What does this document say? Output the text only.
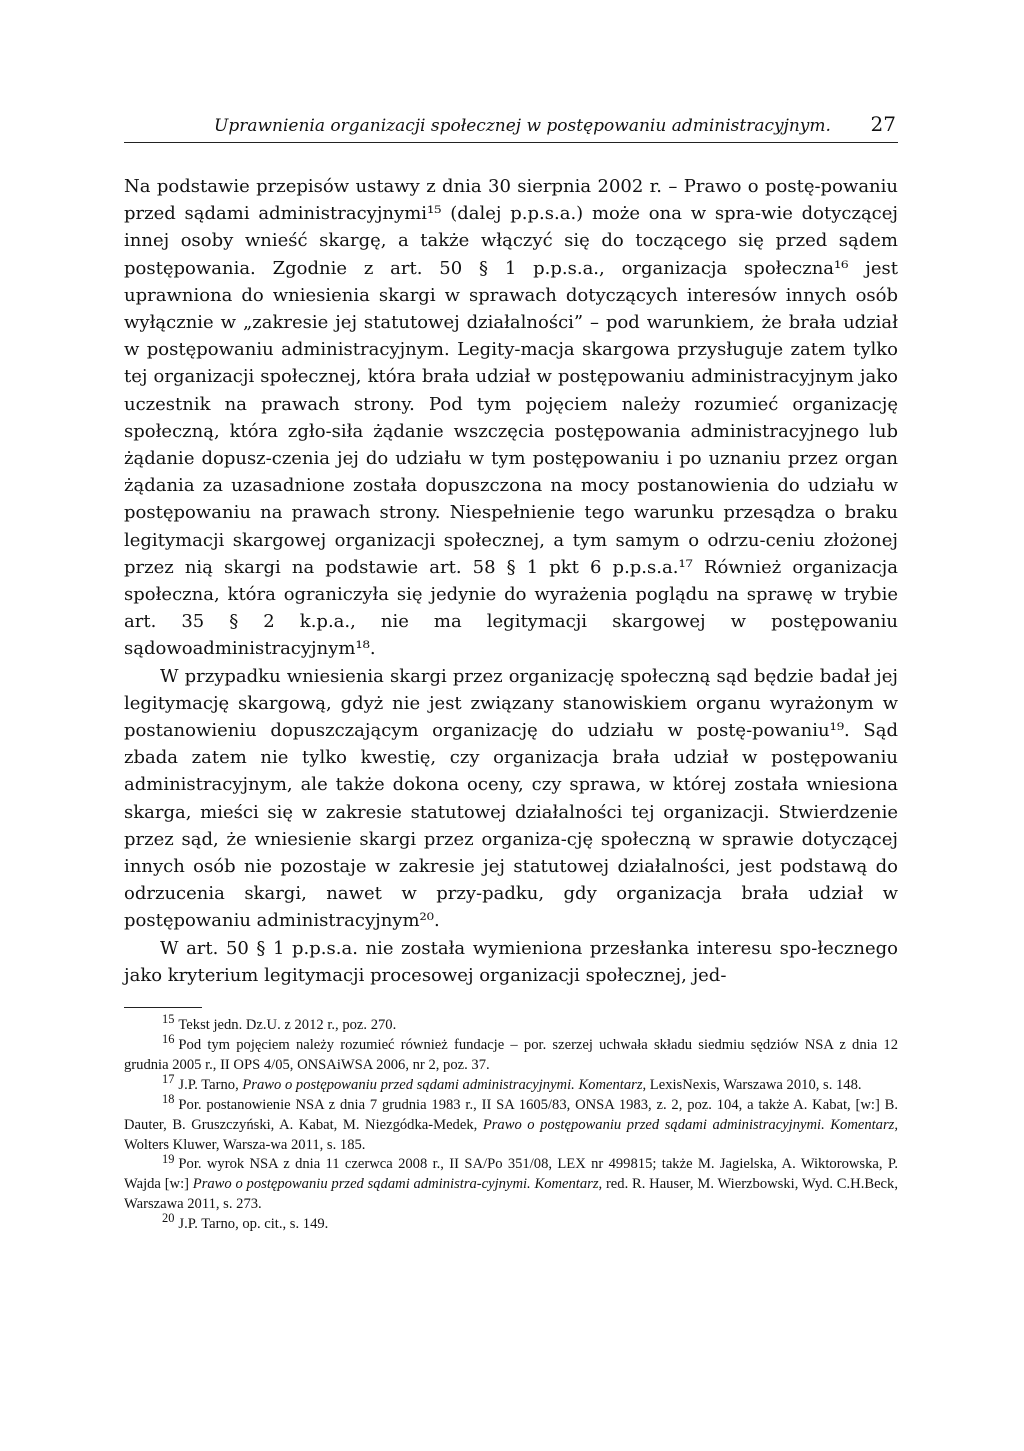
Uprawnienia organizacji społecznej w postępowaniu administracyjnym. 27

Na podstawie przepisów ustawy z dnia 30 sierpnia 2002 r. – Prawo o postę-powaniu przed sądami administracyjnymi¹⁵ (dalej p.p.s.a.) może ona w spra-wie dotyczącej innej osoby wnieść skargę, a także włączyć się do toczącego się przed sądem postępowania. Zgodnie z art. 50 § 1 p.p.s.a., organizacja społeczna¹⁶ jest uprawniona do wniesienia skargi w sprawach dotyczących interesów innych osób wyłącznie w „zakresie jej statutowej działalności” – pod warunkiem, że brała udział w postępowaniu administracyjnym. Legity-macja skargowa przysługuje zatem tylko tej organizacji społecznej, która brała udział w postępowaniu administracyjnym jako uczestnik na prawach strony. Pod tym pojęciem należy rozumieć organizację społeczną, która zgło-siła żądanie wszczęcia postępowania administracyjnego lub żądanie dopusz-czenia jej do udziału w tym postępowaniu i po uznaniu przez organ żądania za uzasadnione została dopuszczona na mocy postanowienia do udziału w postępowaniu na prawach strony. Niespełnienie tego warunku przesądza o braku legitymacji skargowej organizacji społecznej, a tym samym o odrzu-ceniu złożonej przez nią skargi na podstawie art. 58 § 1 pkt 6 p.p.s.a.¹⁷ Również organizacja społeczna, która ograniczyła się jedynie do wyrażenia poglądu na sprawę w trybie art. 35 § 2 k.p.a., nie ma legitymacji skargowej w postępowaniu sądowoadministracyjnym¹⁸.

W przypadku wniesienia skargi przez organizację społeczną sąd będzie badał jej legitymację skargową, gdyż nie jest związany stanowiskiem organu wyrażonym w postanowieniu dopuszczającym organizację do udziału w postę-powaniu¹⁹. Sąd zbada zatem nie tylko kwestię, czy organizacja brała udział w postępowaniu administracyjnym, ale także dokona oceny, czy sprawa, w której została wniesiona skarga, mieści się w zakresie statutowej działalności tej organizacji. Stwierdzenie przez sąd, że wniesienie skargi przez organiza-cję społeczną w sprawie dotyczącej innych osób nie pozostaje w zakresie jej statutowej działalności, jest podstawą do odrzucenia skargi, nawet w przy-padku, gdy organizacja brała udział w postępowaniu administracyjnym²⁰.

W art. 50 § 1 p.p.s.a. nie została wymieniona przesłanka interesu spo-łecznego jako kryterium legitymacji procesowej organizacji społecznej, jed-

$^{15}$ Tekst jedn. Dz.U. z 2012 r., poz. 270.

$^{16}$ Pod tym pojęciem należy rozumieć również fundacje – por. szerzej uchwała składu siedmiu sędziów NSA z dnia 12 grudnia 2005 r., II OPS 4/05, ONSAiWSA 2006, nr 2, poz. 37.

$^{17}$ J.P. Tarno, Prawo o postępowaniu przed sądami administracyjnymi. Komentarz, LexisNexis, Warszawa 2010, s. 148.

$^{18}$ Por. postanowienie NSA z dnia 7 grudnia 1983 r., II SA 1605/83, ONSA 1983, z. 2, poz. 104, a także A. Kabat, [w:] B. Dauter, B. Gruszczyński, A. Kabat, M. Niezgódka-Medek, Prawo o postępowaniu przed sądami administracyjnymi. Komentarz, Wolters Kluwer, Warsza-wa 2011, s. 185.

$^{19}$ Por. wyrok NSA z dnia 11 czerwca 2008 r., II SA/Po 351/08, LEX nr 499815; także M. Jagielska, A. Wiktorowska, P. Wajda [w:] Prawo o postępowaniu przed sądami administra-cyjnymi. Komentarz, red. R. Hauser, M. Wierzbowski, Wyd. C.H.Beck, Warszawa 2011, s. 273.

$^{20}$ J.P. Tarno, op. cit., s. 149.
